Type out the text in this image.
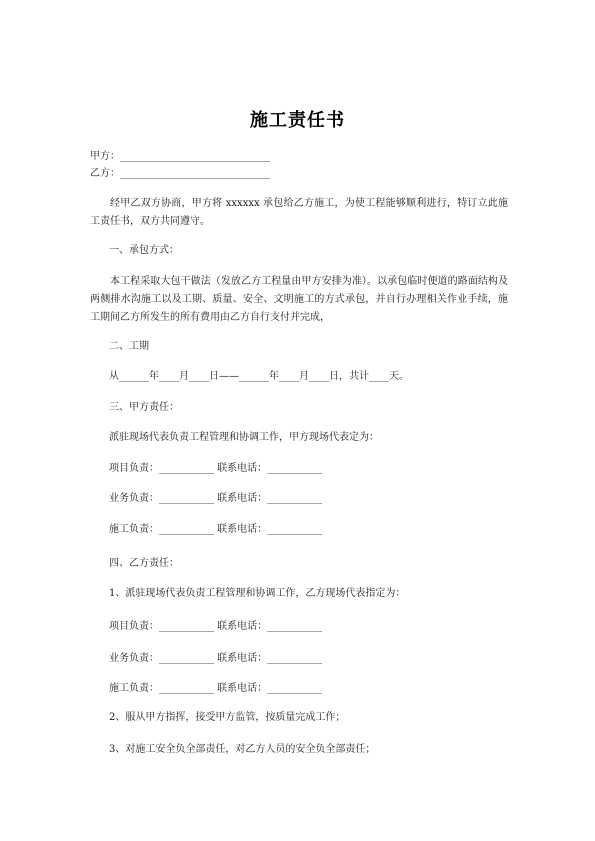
施工责任书
甲方：______________________________
乙方：______________________________
经甲乙双方协商，甲方将 xxxxxx 承包给乙方施工，为使工程能够顺利进行，特订立此施工责任书，双方共同遵守。
一、承包方式：
本工程采取大包干做法（发放乙方工程量由甲方安排为准）。以承包临时便道的路面结构及两侧排水沟施工以及工期、质量、安全、文明施工的方式承包，并自行办理相关作业手续，施工期间乙方所发生的所有费用由乙方自行支付并完成，
二、工期
从______年____月____日——______年____月____日，共计____天。
三、甲方责任：
派驻现场代表负责工程管理和协调工作，甲方现场代表定为：
项目负责：___________ 联系电话：___________
业务负责：___________ 联系电话：___________
施工负责：___________ 联系电话：___________
四、乙方责任：
1、派驻现场代表负责工程管理和协调工作，乙方现场代表指定为：
项目负责：___________ 联系电话：___________
业务负责：___________ 联系电话：___________
施工负责：___________ 联系电话：___________
2、服从甲方指挥，接受甲方监管，按质量完成工作；
3、对施工安全负全部责任，对乙方人员的安全负全部责任；
